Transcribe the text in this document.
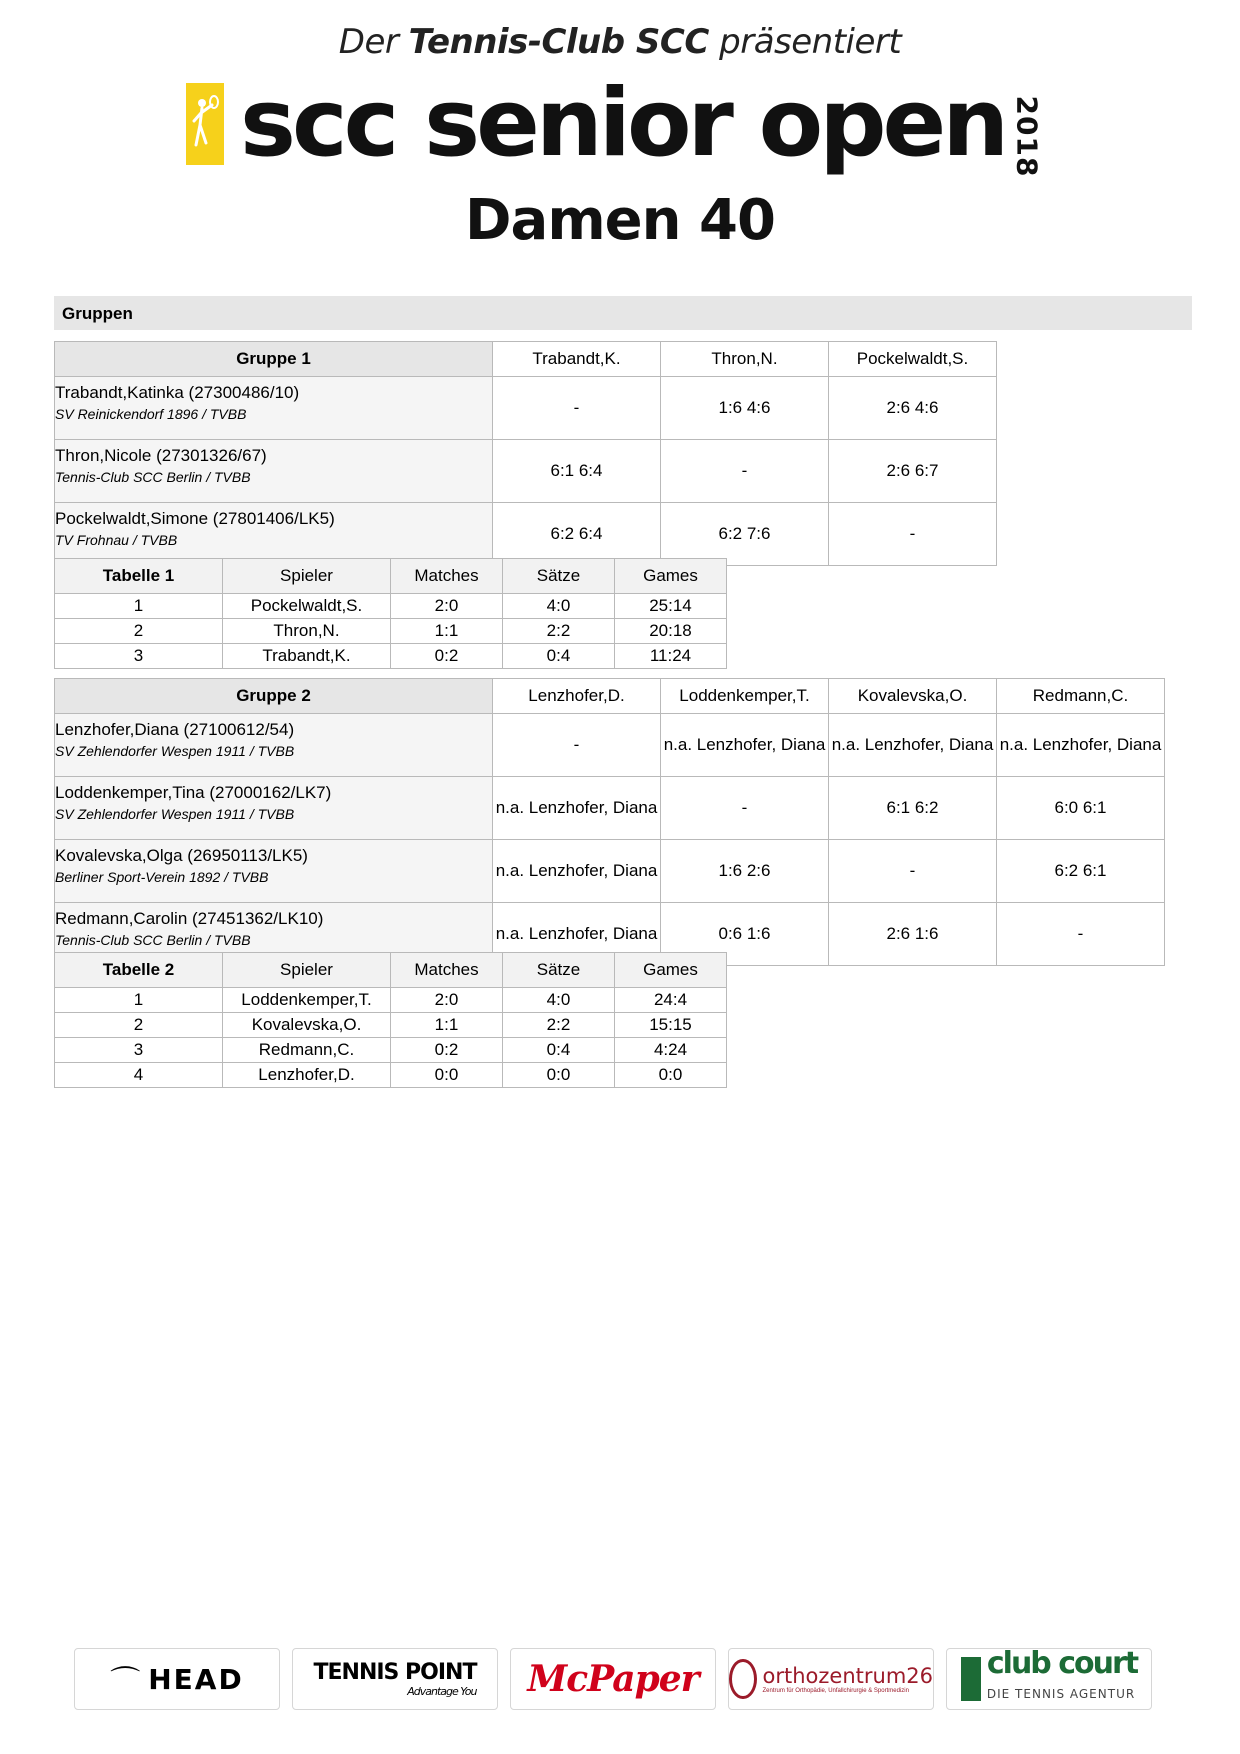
Der Tennis-Club SCC präsentiert
scc senior open 2018
Damen 40
Gruppen
Gruppe 1	Trabandt,K.	Thron,N.	Pockelwaldt,S.

Trabandt,Katinka (27300486/10)
SV Reinickendorf 1896 / TVBB	-	1:6 4:6	2:6 4:6

Thron,Nicole (27301326/67)
Tennis-Club SCC Berlin / TVBB	6:1 6:4	-	2:6 6:7

Pockelwaldt,Simone (27801406/LK5)
TV Frohnau / TVBB	6:2 6:4	6:2 7:6	-
Tabelle 1	Spieler	Matches	Sätze	Games
1	Pockelwaldt,S.	2:0	4:0	25:14
2	Thron,N.	1:1	2:2	20:18
3	Trabandt,K.	0:2	0:4	11:24
Gruppe 2	Lenzhofer,D.	Loddenkemper,T.	Kovalevska,O.	Redmann,C.

Lenzhofer,Diana (27100612/54)
SV Zehlendorfer Wespen 1911 / TVBB	-	n.a. Lenzhofer, Diana	n.a. Lenzhofer, Diana	n.a. Lenzhofer, Diana

Loddenkemper,Tina (27000162/LK7)
SV Zehlendorfer Wespen 1911 / TVBB	n.a. Lenzhofer, Diana	-	6:1 6:2	6:0 6:1

Kovalevska,Olga (26950113/LK5)
Berliner Sport-Verein 1892 / TVBB	n.a. Lenzhofer, Diana	1:6 2:6	-	6:2 6:1

Redmann,Carolin (27451362/LK10)
Tennis-Club SCC Berlin / TVBB	n.a. Lenzhofer, Diana	0:6 1:6	2:6 1:6	-
Tabelle 2	Spieler	Matches	Sätze	Games
1	Loddenkemper,T.	2:0	4:0	24:4
2	Kovalevska,O.	1:1	2:2	15:15
3	Redmann,C.	0:2	0:4	4:24
4	Lenzhofer,D.	0:0	0:0	0:0
⌒ HEAD	TENNIS POINT
Advantage You McPaper	orthozentrum26
Zentrum für Orthopädie, Unfallchirurgie & Sportmedizin
club court
DIE TENNIS AGENTUR
